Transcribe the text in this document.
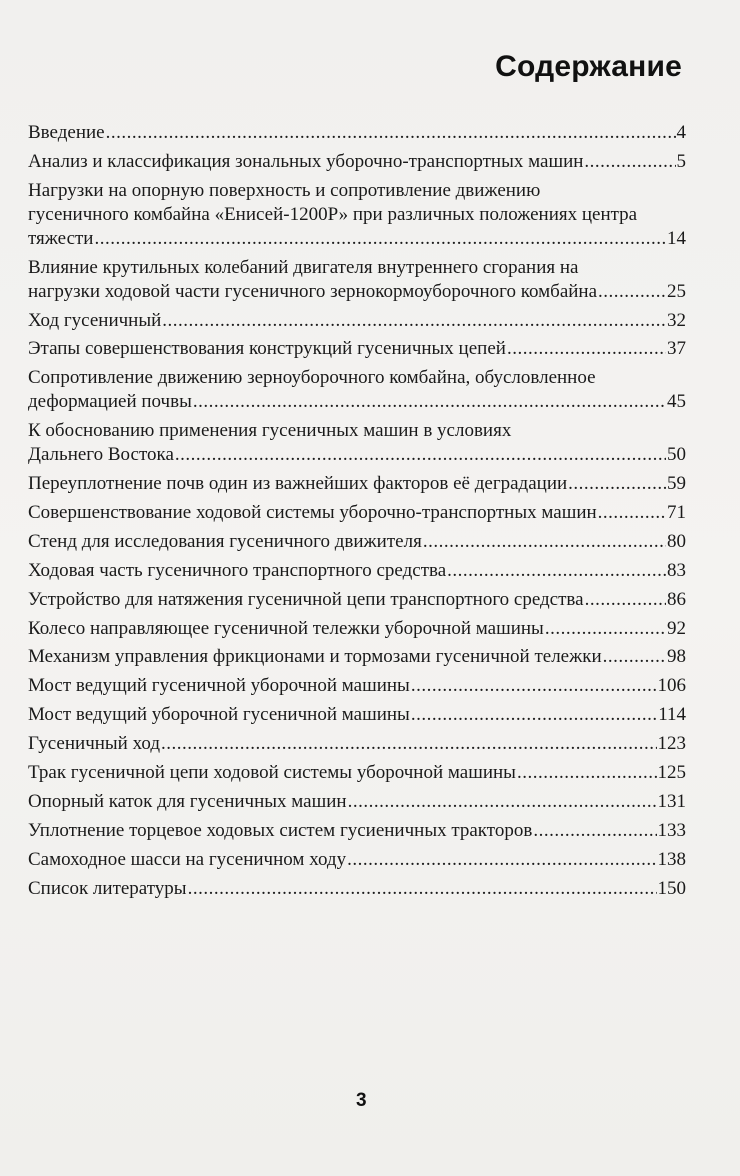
Содержание
Введение .....	4
Анализ и классификация зональных уборочно-транспортных машин .....	5
Нагрузки на опорную поверхность и сопротивление движению
гусеничного комбайна «Енисей-1200Р» при различных положениях центра
тяжести .....	14
Влияние крутильных колебаний двигателя внутреннего сгорания на
нагрузки ходовой части гусеничного зернокормоуборочного комбайна .....	25
Ход гусеничный .....	32
Этапы совершенствования конструкций гусеничных цепей .....	37
Сопротивление движению зерноуборочного комбайна, обусловленное
деформацией почвы .....	45
К обоснованию применения гусеничных машин в условиях
Дальнего Востока .....	50
Переуплотнение почв один из важнейших факторов её деградации .....	59
Совершенствование ходовой системы уборочно-транспортных машин .....	71
Стенд для исследования гусеничного движителя .....	80
Ходовая часть гусеничного транспортного средства .....	83
Устройство для натяжения гусеничной цепи транспортного средства .....	86
Колесо направляющее гусеничной тележки уборочной машины .....	92
Механизм управления фрикционами и тормозами гусеничной тележки .....	98
Мост ведущий гусеничной уборочной машины .....	106
Мост ведущий уборочной гусеничной машины .....	114
Гусеничный ход .....	123
Трак гусеничной цепи ходовой системы уборочной машины .....	125
Опорный каток для гусеничных машин .....	131
Уплотнение торцевое ходовых систем гусиеничных тракторов .....	133
Самоходное шасси на гусеничном ходу .....	138
Список литературы .....	150
3
